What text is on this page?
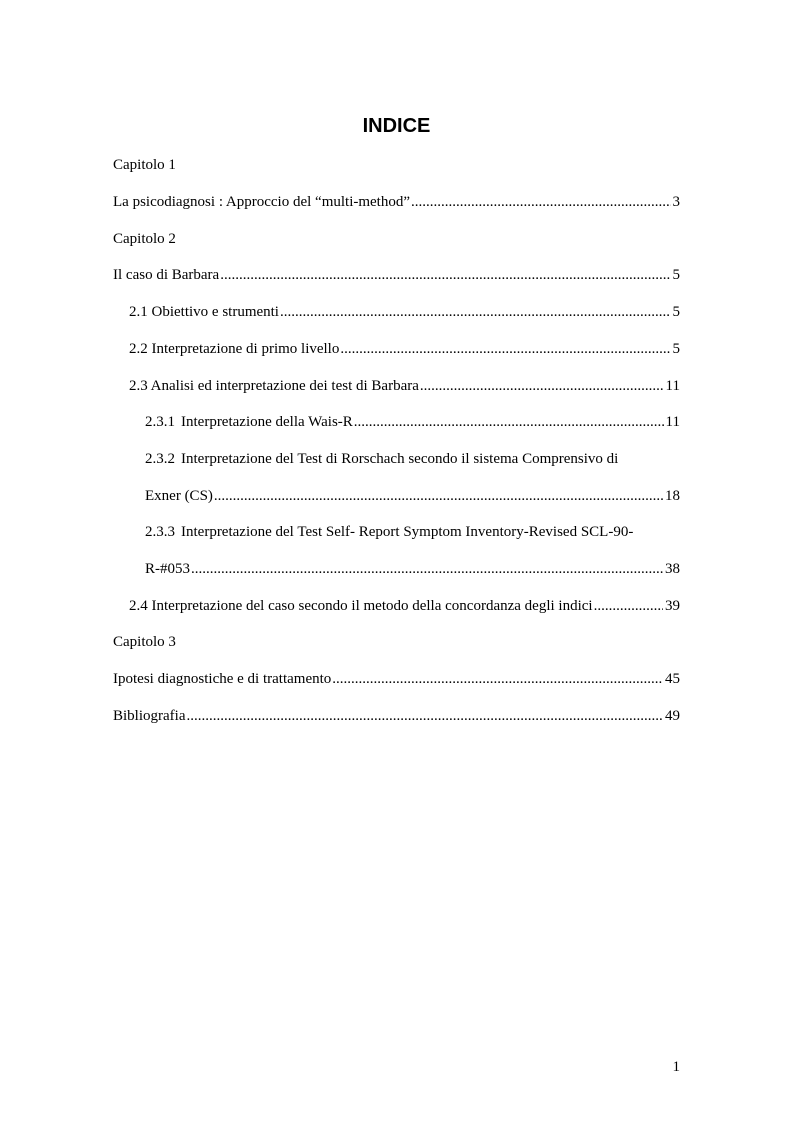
INDICE
Capitolo 1
La psicodiagnosi : Approccio del “multi-method” .....	3
Capitolo 2
Il caso di Barbara .....	5
2.1 Obiettivo e strumenti .....	5
2.2 Interpretazione di primo livello .....	5
2.3 Analisi ed interpretazione dei test di Barbara .....	11
2.3.1 Interpretazione della Wais-R .....	11
2.3.2 Interpretazione del Test di Rorschach secondo il sistema Comprensivo di
Exner (CS) .....	18
2.3.3 Interpretazione del Test Self- Report Symptom Inventory-Revised SCL-90-
R-#053 .....	38
2.4 Interpretazione del caso secondo il metodo della concordanza degli indici .....	39
Capitolo 3
Ipotesi diagnostiche e di trattamento .....	45
Bibliografia .....	49
1
